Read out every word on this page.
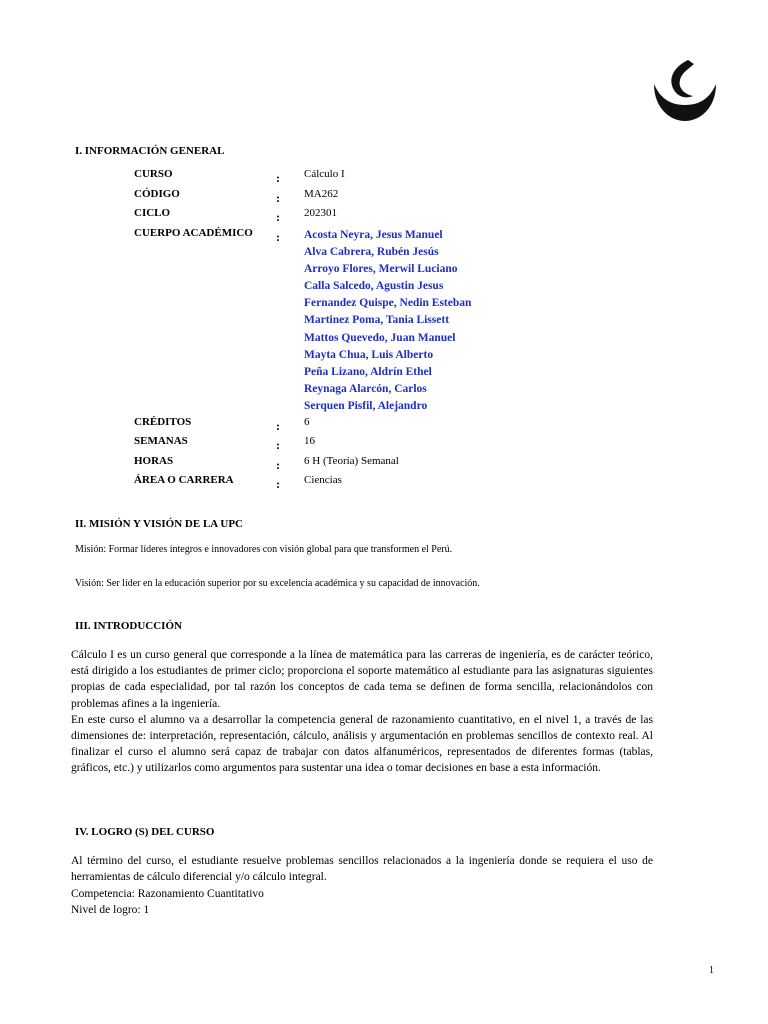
I. INFORMACIÓN GENERAL
CURSO	: Cálculo I
CÓDIGO	: MA262
CICLO	: 202301
CUERPO ACADÉMICO : Acosta Neyra, Jesus Manuel
Alva Cabrera, Rubén Jesús
Arroyo Flores, Merwil Luciano
Calla Salcedo, Agustin Jesus
Fernandez Quispe, Nedin Esteban
Martinez Poma, Tania Lissett
Mattos Quevedo, Juan Manuel
Mayta Chua, Luis Alberto
Peña Lizano, Aldrín Ethel
Reynaga Alarcón, Carlos
Serquen Pisfil, Alejandro
CRÉDITOS	: 6
SEMANAS	: 16
HORAS	: 6 H (Teoría) Semanal
ÁREA O CARRERA	: Ciencias
II. MISIÓN Y VISIÓN DE LA UPC
Misión: Formar líderes íntegros e innovadores con visión global para que transformen el Perú.
Visión: Ser líder en la educación superior por su excelencia académica y su capacidad de innovación.
III. INTRODUCCIÓN

Cálculo I es un curso general que corresponde a la línea de matemática para las carreras de ingeniería, es de carácter teórico, está dirigido a los estudiantes de primer ciclo; proporciona el soporte matemático al estudiante para las asignaturas siguientes propias de cada especialidad, por tal razón los conceptos de cada tema se definen de forma sencilla, relacionándolos con problemas afines a la ingeniería.

En este curso el alumno va a desarrollar la competencia general de razonamiento cuantitativo, en el nivel 1, a través de las dimensiones de: interpretación, representación, cálculo, análisis y argumentación en problemas sencillos de contexto real. Al finalizar el curso el alumno será capaz de trabajar con datos alfanuméricos, representados de diferentes formas (tablas, gráficos, etc.) y utilizarlos como argumentos para sustentar una idea o tomar decisiones en base a esta información.

IV. LOGRO (S) DEL CURSO

Al término del curso, el estudiante resuelve problemas sencillos relacionados a la ingeniería donde se requiera el uso de herramientas de cálculo diferencial y/o cálculo integral.

Competencia: Razonamiento Cuantitativo
Nivel de logro: 1
1
